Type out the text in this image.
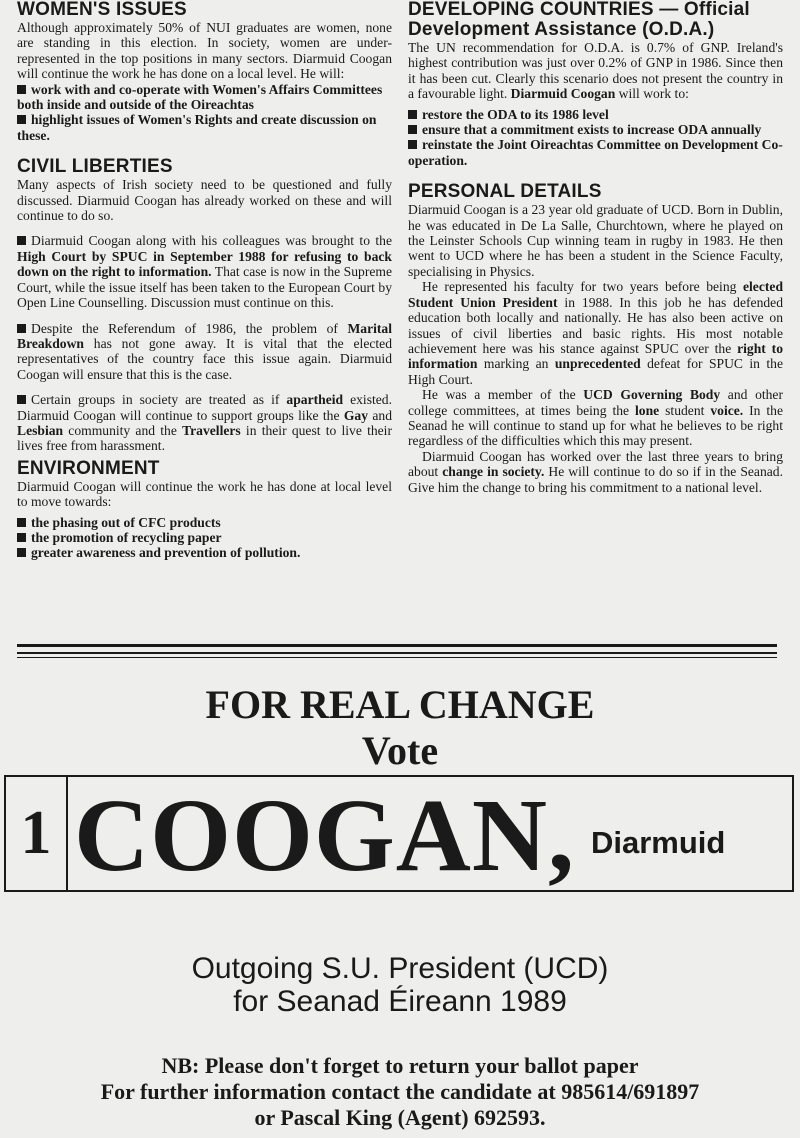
WOMEN'S ISSUES

Although approximately 50% of NUI graduates are women, none are standing in this election. In society, women are under-represented in the top positions in many sectors. Diarmuid Coogan will continue the work he has done on a local level. He will:

work with and co-operate with Women's Affairs Committees both inside and outside of the Oireachtas
highlight issues of Women's Rights and create discussion on these.
CIVIL LIBERTIES

Many aspects of Irish society need to be questioned and fully discussed. Diarmuid Coogan has already worked on these and will continue to do so.

Diarmuid Coogan along with his colleagues was brought to the High Court by SPUC in September 1988 for refusing to back down on the right to information. That case is now in the Supreme Court, while the issue itself has been taken to the European Court by Open Line Counselling. Discussion must continue on this.

Despite the Referendum of 1986, the problem of Marital Breakdown has not gone away. It is vital that the elected representatives of the country face this issue again. Diarmuid Coogan will ensure that this is the case.

Certain groups in society are treated as if apartheid existed. Diarmuid Coogan will continue to support groups like the Gay and Lesbian community and the Travellers in their quest to live their lives free from harassment.

ENVIRONMENT

Diarmuid Coogan will continue the work he has done at local level to move towards:

the phasing out of CFC products
the promotion of recycling paper
greater awareness and prevention of pollution.
DEVELOPING COUNTRIES — Official Development Assistance (O.D.A.)

The UN recommendation for O.D.A. is 0.7% of GNP. Ireland's highest contribution was just over 0.2% of GNP in 1986. Since then it has been cut. Clearly this scenario does not present the country in a favourable light. Diarmuid Coogan will work to:

restore the ODA to its 1986 level
ensure that a commitment exists to increase ODA annually
reinstate the Joint Oireachtas Committee on Development Co-operation.
PERSONAL DETAILS

Diarmuid Coogan is a 23 year old graduate of UCD. Born in Dublin, he was educated in De La Salle, Churchtown, where he played on the Leinster Schools Cup winning team in rugby in 1983. He then went to UCD where he has been a student in the Science Faculty, specialising in Physics.

He represented his faculty for two years before being elected Student Union President in 1988. In this job he has defended education both locally and nationally. He has also been active on issues of civil liberties and basic rights. His most notable achievement here was his stance against SPUC over the right to information marking an unprecedented defeat for SPUC in the High Court.

He was a member of the UCD Governing Body and other college committees, at times being the lone student voice. In the Seanad he will continue to stand up for what he believes to be right regardless of the difficulties which this may present.

Diarmuid Coogan has worked over the last three years to bring about change in society. He will continue to do so if in the Seanad. Give him the change to bring his commitment to a national level.

FOR REAL CHANGE
Vote
1 COOGAN, Diarmuid
Outgoing S.U. President (UCD)
for Seanad Éireann 1989
NB: Please don't forget to return your ballot paper
For further information contact the candidate at 985614/691897
or Pascal King (Agent) 692593.
